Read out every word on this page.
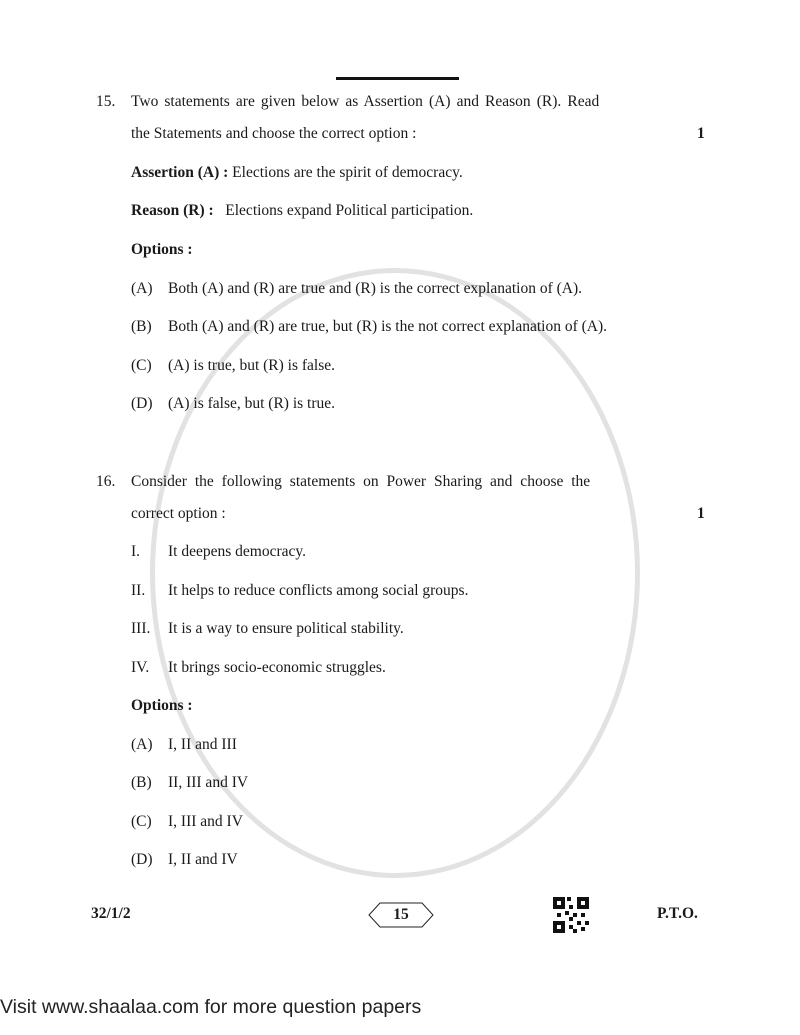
15. Two statements are given below as Assertion (A) and Reason (R). Read
the Statements and choose the correct option :	1
Assertion (A) : Elections are the spirit of democracy.
Reason (R) : Elections expand Political participation.
Options :
(A) Both (A) and (R) are true and (R) is the correct explanation of (A).
(B) Both (A) and (R) are true, but (R) is the not correct explanation of (A).
(C) (A) is true, but (R) is false.
(D) (A) is false, but (R) is true.
16. Consider the following statements on Power Sharing and choose the
correct option :	1
I. It deepens democracy.
II. It helps to reduce conflicts among social groups.
III. It is a way to ensure political stability.
IV. It brings socio-economic struggles.
Options :
(A) I, II and III
(B) II, III and IV
(C) I, III and IV
(D) I, II and IV
32/1/2	15	P.T.O.
Visit www.shaalaa.com for more question papers
